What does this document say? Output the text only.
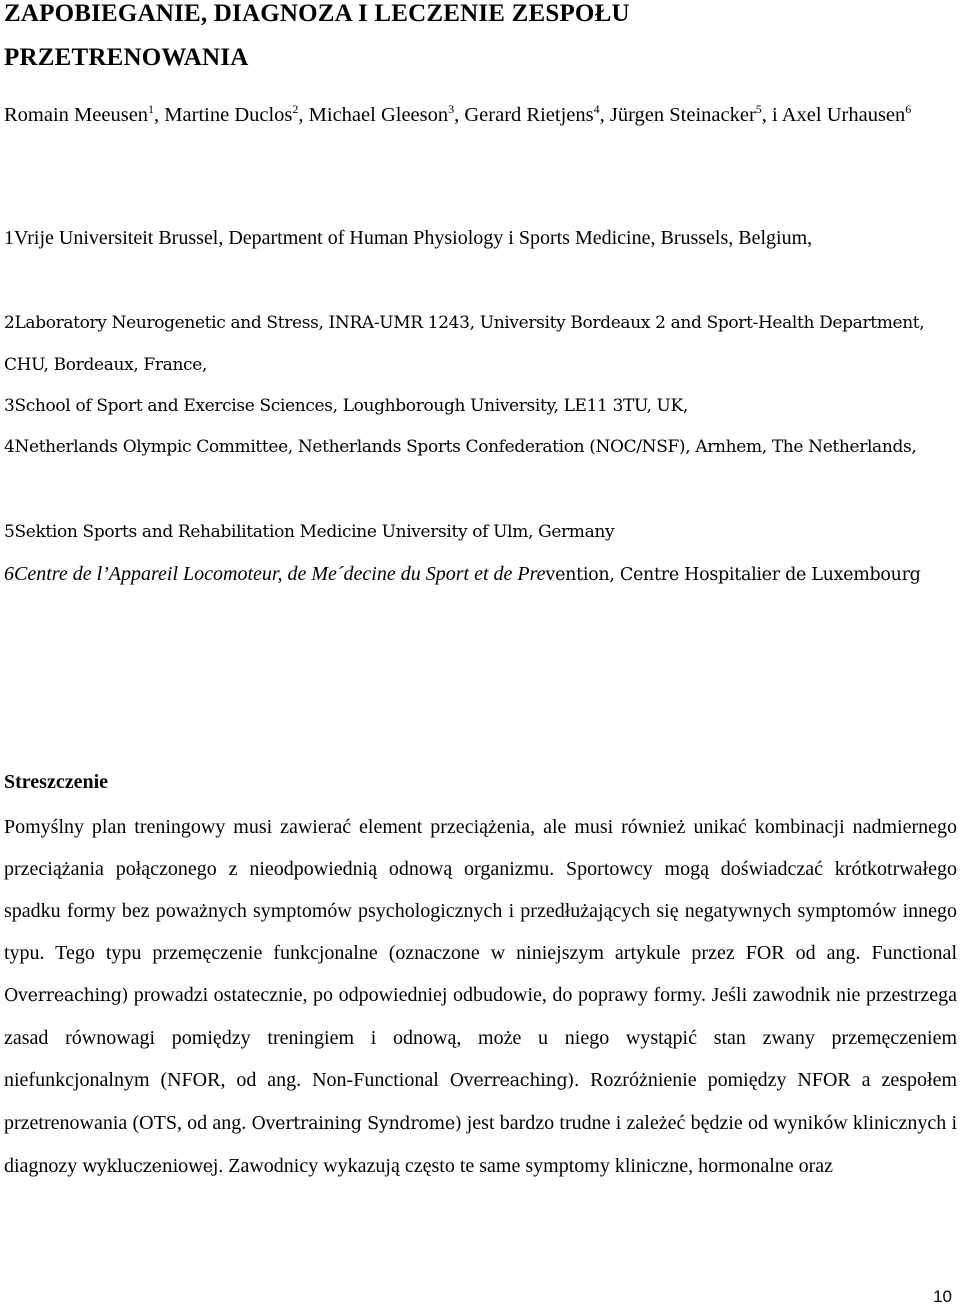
ZAPOBIEGANIE, DIAGNOZA I LECZENIE ZESPOŁU
PRZETRENOWANIA

Romain Meeusen$^1$, Martine Duclos$^2$, Michael Gleeson$^3$, Gerard Rietjens$^4$, Jürgen Steinacker$^5$, i Axel Urhausen$^6$

1Vrije Universiteit Brussel, Department of Human Physiology i Sports Medicine, Brussels, Belgium,

2Laboratory Neurogenetic and Stress, INRA-UMR 1243, University Bordeaux 2 and Sport-Health Department, CHU, Bordeaux, France,

3School of Sport and Exercise Sciences, Loughborough University, LE11 3TU, UK,

4Netherlands Olympic Committee, Netherlands Sports Confederation (NOC/NSF), Arnhem, The Netherlands,

5Sektion Sports and Rehabilitation Medicine University of Ulm, Germany

6Centre de l’Appareil Locomoteur, de Me´decine du Sport et de Prevention, Centre Hospitalier de Luxembourg

Streszczenie

Pomyślny plan treningowy musi zawierać element przeciążenia, ale musi również unikać kombinacji nadmiernego przeciążania połączonego z nieodpowiednią odnową organizmu. Sportowcy mogą doświadczać krótkotrwałego spadku formy bez poważnych symptomów psychologicznych i przedłużających się negatywnych symptomów innego typu. Tego typu przemęczenie funkcjonalne (oznaczone w niniejszym artykule przez FOR od ang. Functional Overreaching) prowadzi ostatecznie, po odpowiedniej odbudowie, do poprawy formy. Jeśli zawodnik nie przestrzega zasad równowagi pomiędzy treningiem i odnową, może u niego wystąpić stan zwany przemęczeniem niefunkcjonalnym (NFOR, od ang. Non-Functional Overreaching). Rozróżnienie pomiędzy NFOR a zespołem przetrenowania (OTS, od ang. Overtraining Syndrome) jest bardzo trudne i zależeć będzie od wyników klinicznych i diagnozy wykluczeniowej. Zawodnicy wykazują często te same symptomy kliniczne, hormonalne oraz

10
